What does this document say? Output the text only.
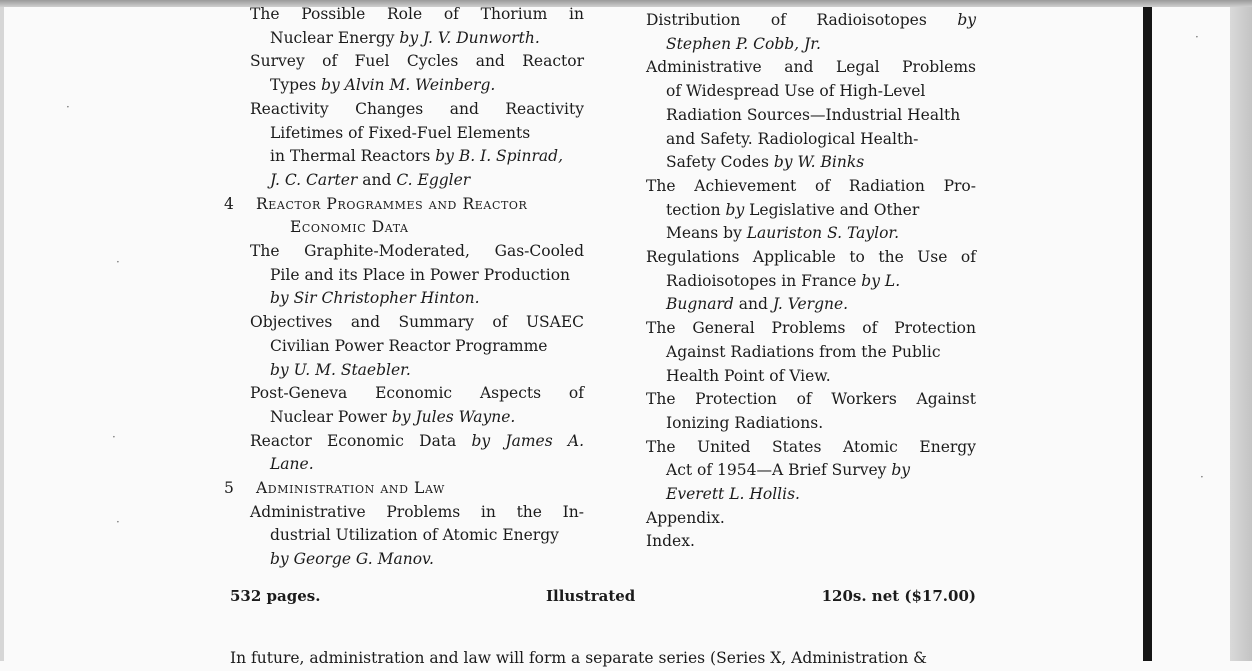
·
·
·
·
·
·
The Possible Role of Thorium in
Nuclear Energy by J. V. Dunworth.
Survey of Fuel Cycles and Reactor
Types by Alvin M. Weinberg.
Reactivity Changes and Reactivity
Lifetimes of Fixed-Fuel Elements
in Thermal Reactors by B. I. Spinrad,
J. C. Carter and C. Eggler
4 Reactor Programmes and Reactor
Economic Data
The Graphite-Moderated, Gas-Cooled
Pile and its Place in Power Production
by Sir Christopher Hinton.
Objectives and Summary of USAEC
Civilian Power Reactor Programme
by U. M. Staebler.
Post-Geneva Economic Aspects of
Nuclear Power by Jules Wayne.
Reactor Economic Data by James A.
Lane.
5 Administration and Law
Administrative Problems in the In-
dustrial Utilization of Atomic Energy
by George G. Manov.
Distribution of Radioisotopes by
Stephen P. Cobb, Jr.
Administrative and Legal Problems
of Widespread Use of High-Level
Radiation Sources—Industrial Health
and Safety. Radiological Health-
Safety Codes by W. Binks
The Achievement of Radiation Pro-
tection by Legislative and Other
Means by Lauriston S. Taylor.
Regulations Applicable to the Use of
Radioisotopes in France by L.
Bugnard and J. Vergne.
The General Problems of Protection
Against Radiations from the Public
Health Point of View.
The Protection of Workers Against
Ionizing Radiations.
The United States Atomic Energy
Act of 1954—A Brief Survey by
Everett L. Hollis.
Appendix.
Index.
532 pages.	Illustrated	120s. net ($17.00)
In future, administration and law will form a separate series (Series X, Administration &
